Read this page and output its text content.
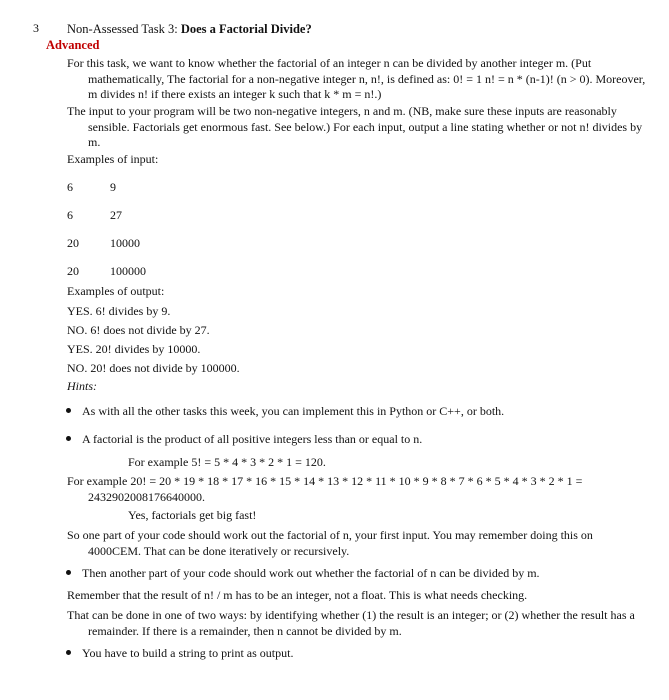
3 Non-Assessed Task 3: Does a Factorial Divide?
Advanced
For this task, we want to know whether the factorial of an integer n can be divided by another integer m. (Put mathematically, The factorial for a non-negative integer n, n!, is defined as: 0! = 1 n! = n * (n-1)! (n > 0). Moreover, m divides n! if there exists an integer k such that k * m = n!.)
The input to your program will be two non-negative integers, n and m. (NB, make sure these inputs are reasonably sensible. Factorials get enormous fast. See below.) For each input, output a line stating whether or not n! divides by m.
Examples of input:
6	9
6	27
20	10000
20	100000
Examples of output:
YES. 6! divides by 9.
NO. 6! does not divide by 27.
YES. 20! divides by 10000.
NO. 20! does not divide by 100000.
Hints:
As with all the other tasks this week, you can implement this in Python or C++, or both.
A factorial is the product of all positive integers less than or equal to n.
For example 5! = 5 * 4 * 3 * 2 * 1 = 120.
For example 20! = 20 * 19 * 18 * 17 * 16 * 15 * 14 * 13 * 12 * 11 * 10 * 9 * 8 * 7 * 6 * 5 * 4 * 3 * 2 * 1 = 2432902008176640000.
Yes, factorials get big fast!
So one part of your code should work out the factorial of n, your first input. You may remember doing this on 4000CEM. That can be done iteratively or recursively.
Then another part of your code should work out whether the factorial of n can be divided by m.
Remember that the result of n! / m has to be an integer, not a float. This is what needs checking.
That can be done in one of two ways: by identifying whether (1) the result is an integer; or (2) whether the result has a remainder. If there is a remainder, then n cannot be divided by m.
You have to build a string to print as output.
